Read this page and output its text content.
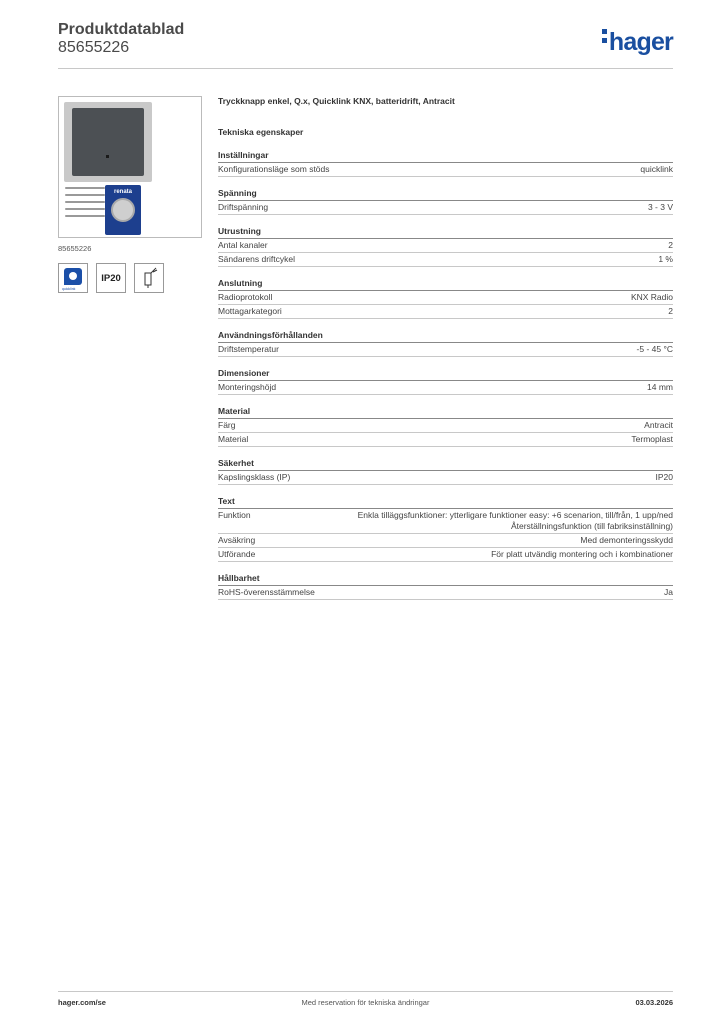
Produktdatablad
85655226	hager
renata
85655226
quicklink
IP20
Tryckknapp enkel, Q.x, Quicklink KNX, batteridrift, Antracit
Tekniska egenskaper
Inställningar
Konfigurationsläge som stöds	quicklink
Spänning
Driftspänning	3 - 3 V
Utrustning
Antal kanaler	2
Sändarens driftcykel	1 %
Anslutning
Radioprotokoll	KNX Radio
Mottagarkategori	2
Användningsförhållanden
Driftstemperatur	-5 - 45 °C
Dimensioner
Monteringshöjd	14 mm
Material
Färg	Antracit
Material	Termoplast
Säkerhet
Kapslingsklass (IP)	IP20
Text
Funktion	Enkla tilläggsfunktioner: ytterligare funktioner easy: +6 scenarion, till/från, 1 upp/ned Återställningsfunktion (till fabriksinställning)
Avsäkring	Med demonteringsskydd
Utförande	För platt utvändig montering och i kombinationer
Hållbarhet
RoHS-överensstämmelse	Ja
hager.com/se	Med reservation för tekniska ändringar	03.03.2026
